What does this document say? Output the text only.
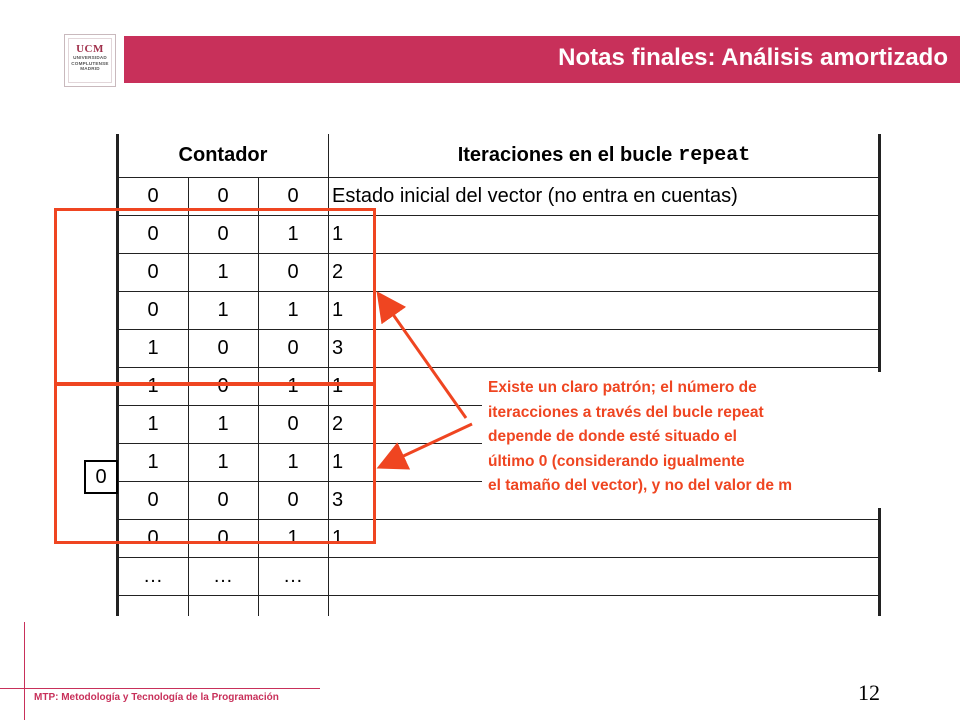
UCM
UNIVERSIDAD
COMPLUTENSE
MADRID	Notas finales: Análisis amortizado
Contador	Iteraciones en el bucle repeat
0	0	0	Estado inicial del vector (no entra en cuentas)
0	0	1	1
0	1	0	2
0	1	1	1
1	0	0	3
1	0	1	1
1	1	0	2
1	1	1	1
0	0	0	3
0	0	1	1
…	…	…
0
Existe un claro patrón; el número de
iteracciones a través del bucle repeat
depende de donde esté situado el
último 0 (considerando igualmente
el tamaño del vector), y no del valor de m
MTP: Metodología y Tecnología de la Programación	12
